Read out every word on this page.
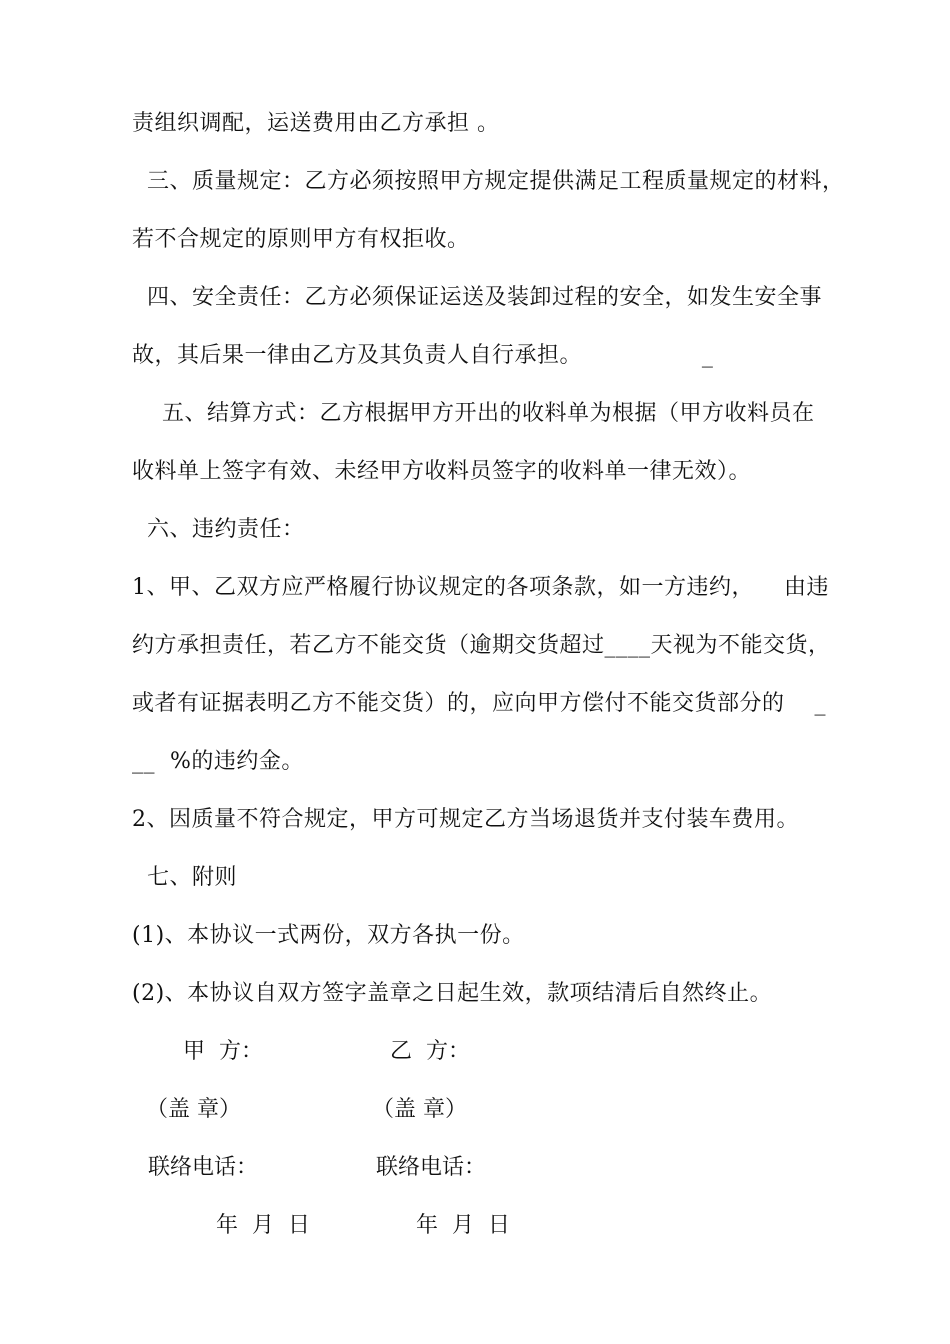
责组织调配，运送费用由乙方承担 。
三、质量规定：乙方必须按照甲方规定提供满足工程质量规定的材料，
若不合规定的原则甲方有权拒收。
四、安全责任：乙方必须保证运送及装卸过程的安全，如发生安全事
故，其后果一律由乙方及其负责人自行承担。                _
五、结算方式：乙方根据甲方开出的收料单为根据（甲方收料员在
收料单上签字有效、未经甲方收料员签字的收料单一律无效）。
六、违约责任：
1、甲、乙双方应严格履行协议规定的各项条款，如一方违约，    由违
约方承担责任，若乙方不能交货（逾期交货超过____天视为不能交货，
或者有证据表明乙方不能交货）的，应向甲方偿付不能交货部分的    _
__  %的违约金。
2、因质量不符合规定，甲方可规定乙方当场退货并支付装车费用。
七、附则
(1)、本协议一式两份，双方各执一份。
(2)、本协议自双方签字盖章之日起生效，款项结清后自然终止。
甲  方：	乙  方：
（盖 章）	（盖 章）
联络电话：	联络电话：
年  月  日	年  月  日
